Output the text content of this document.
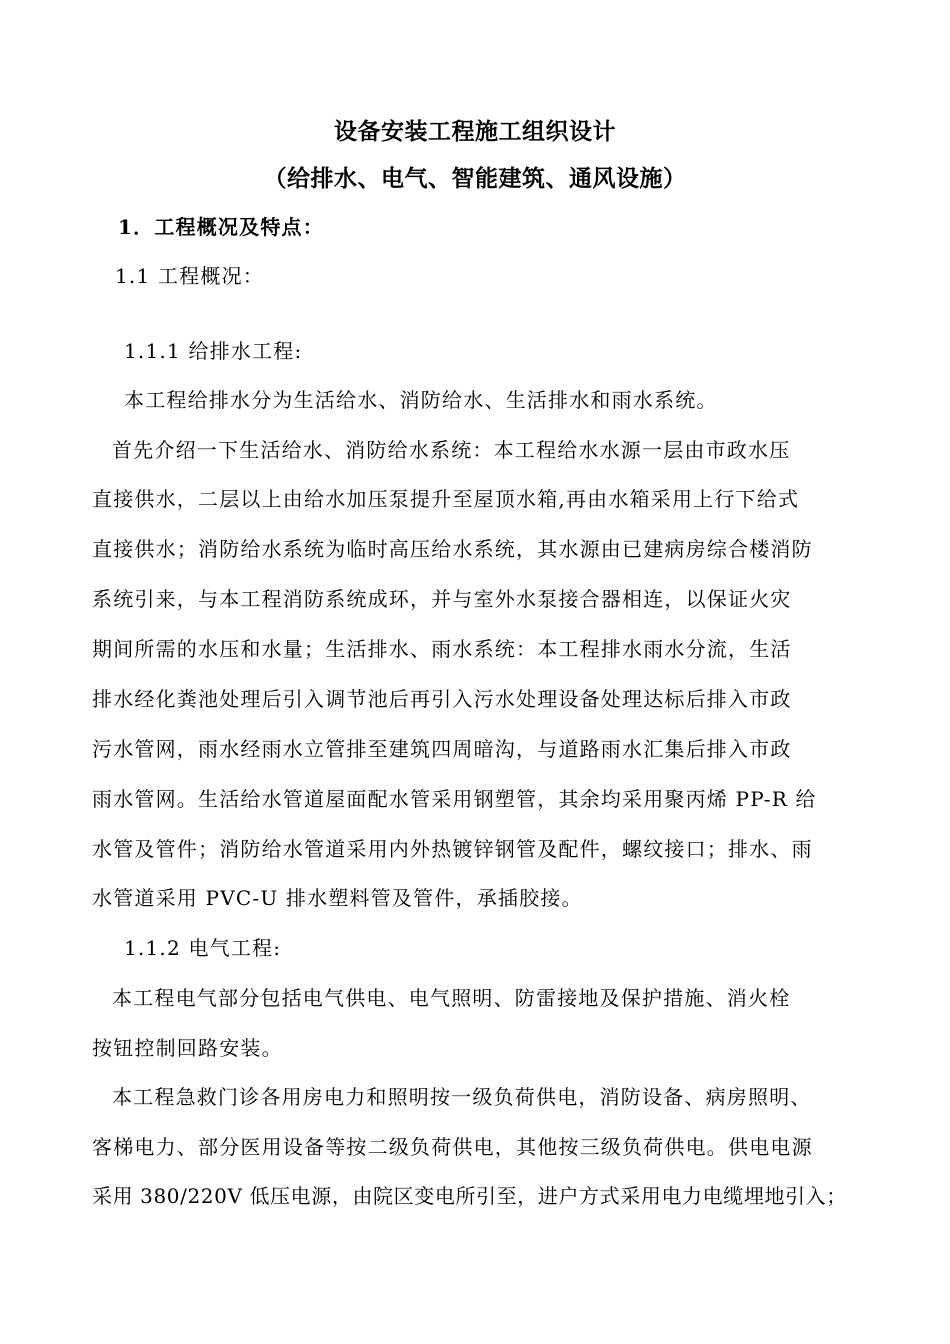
设备安装工程施工组织设计
（给排水、电气、智能建筑、通风设施）
1．工程概况及特点：
1.1 工程概况：
1.1.1 给排水工程:
本工程给排水分为生活给水、消防给水、生活排水和雨水系统。
首先介绍一下生活给水、消防给水系统：本工程给水水源一层由市政水压
直接供水，二层以上由给水加压泵提升至屋顶水箱,再由水箱采用上行下给式
直接供水；消防给水系统为临时高压给水系统，其水源由已建病房综合楼消防
系统引来，与本工程消防系统成环，并与室外水泵接合器相连，以保证火灾
期间所需的水压和水量；生活排水、雨水系统：本工程排水雨水分流，生活
排水经化粪池处理后引入调节池后再引入污水处理设备处理达标后排入市政
污水管网，雨水经雨水立管排至建筑四周暗沟，与道路雨水汇集后排入市政
雨水管网。生活给水管道屋面配水管采用钢塑管，其余均采用聚丙烯 PP-R 给
水管及管件；消防给水管道采用内外热镀锌钢管及配件，螺纹接口；排水、雨
水管道采用 PVC-U 排水塑料管及管件，承插胶接。
1.1.2 电气工程:
本工程电气部分包括电气供电、电气照明、防雷接地及保护措施、消火栓
按钮控制回路安装。
本工程急救门诊各用房电力和照明按一级负荷供电，消防设备、病房照明、
客梯电力、部分医用设备等按二级负荷供电，其他按三级负荷供电。供电电源
采用 380/220V 低压电源，由院区变电所引至，进户方式采用电力电缆埋地引入；
